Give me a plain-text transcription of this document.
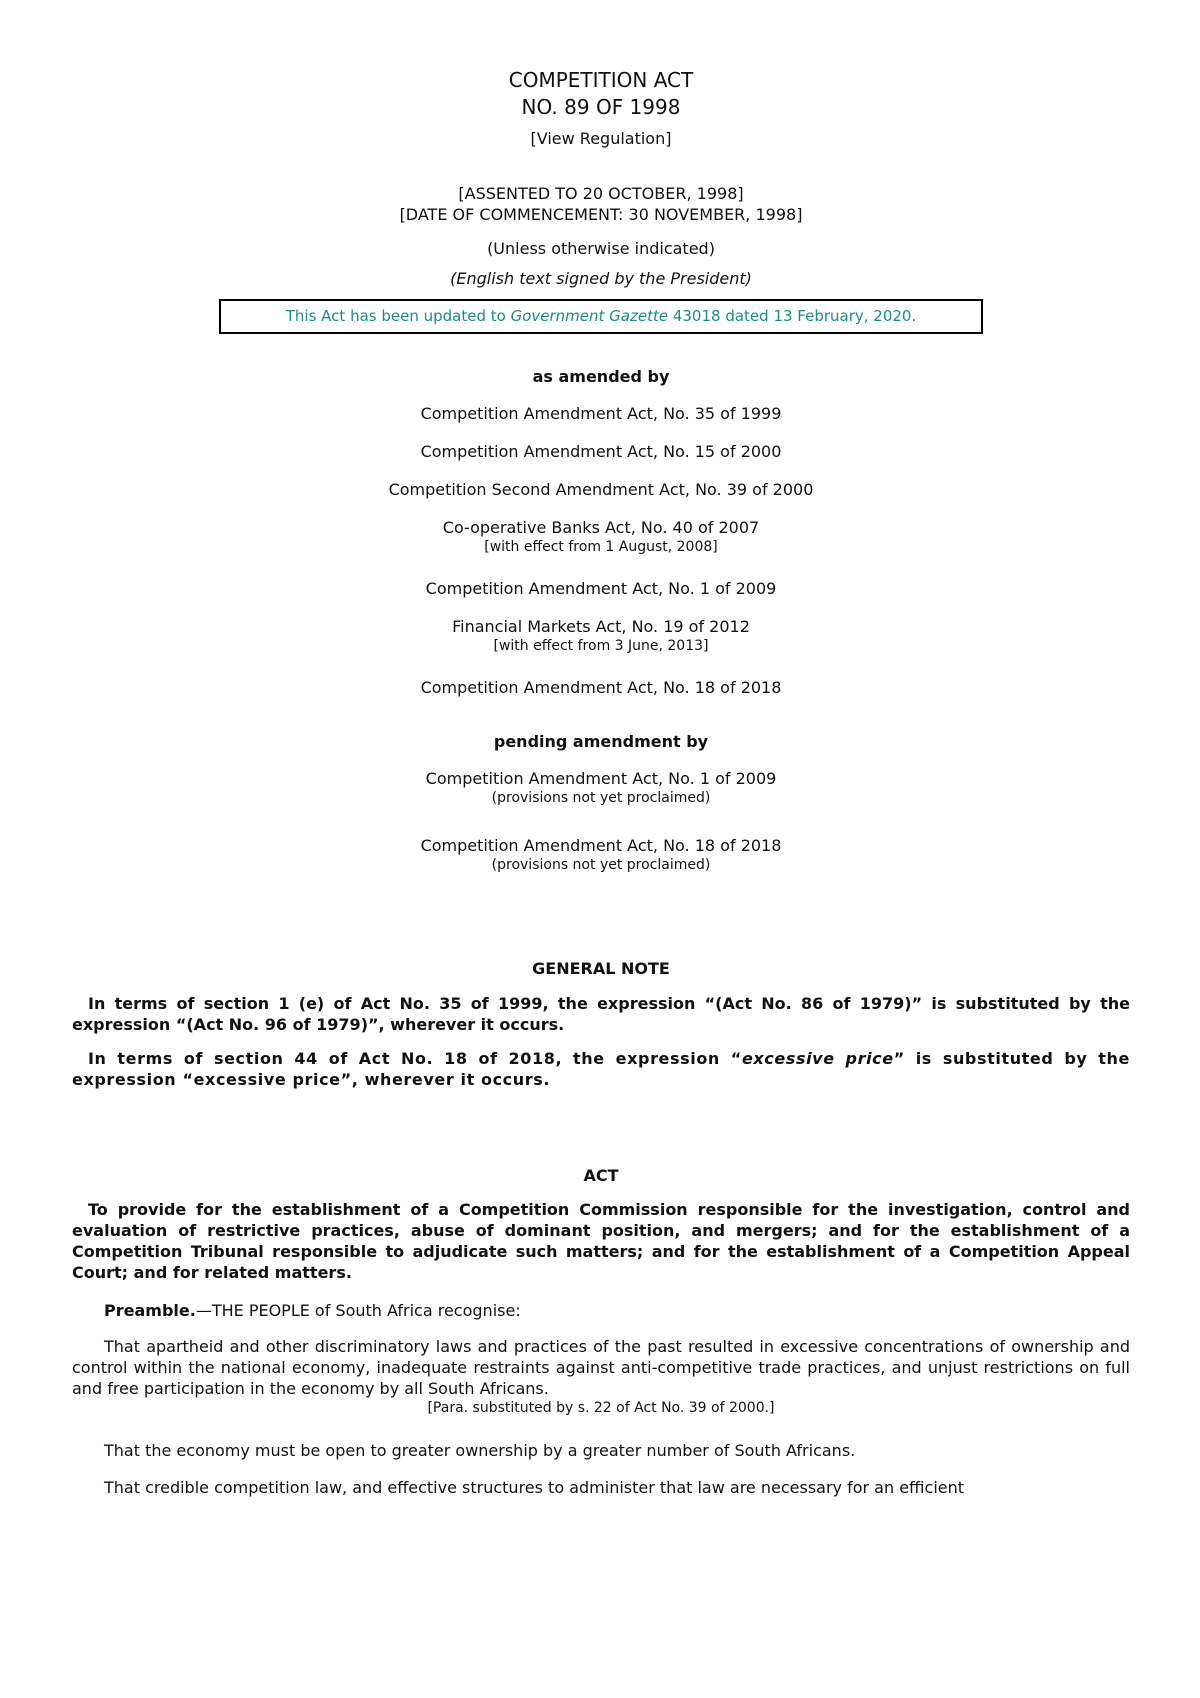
COMPETITION ACT
NO. 89 OF 1998
[View Regulation]
[ASSENTED TO 20 OCTOBER, 1998]
[DATE OF COMMENCEMENT: 30 NOVEMBER, 1998]
(Unless otherwise indicated)
(English text signed by the President)
This Act has been updated to Government Gazette 43018 dated 13 February, 2020.
as amended by
Competition Amendment Act, No. 35 of 1999
Competition Amendment Act, No. 15 of 2000
Competition Second Amendment Act, No. 39 of 2000
Co-operative Banks Act, No. 40 of 2007
[with effect from 1 August, 2008]
Competition Amendment Act, No. 1 of 2009
Financial Markets Act, No. 19 of 2012
[with effect from 3 June, 2013]
Competition Amendment Act, No. 18 of 2018
pending amendment by
Competition Amendment Act, No. 1 of 2009
(provisions not yet proclaimed)
Competition Amendment Act, No. 18 of 2018
(provisions not yet proclaimed)
GENERAL NOTE
In terms of section 1 (e) of Act No. 35 of 1999, the expression “(Act No. 86 of 1979)” is substituted by the expression “(Act No. 96 of 1979)”, wherever it occurs.
In terms of section 44 of Act No. 18 of 2018, the expression “excessive price” is substituted by the expression “excessive price”, wherever it occurs.
ACT
To provide for the establishment of a Competition Commission responsible for the investigation, control and evaluation of restrictive practices, abuse of dominant position, and mergers; and for the establishment of a Competition Tribunal responsible to adjudicate such matters; and for the establishment of a Competition Appeal Court; and for related matters.
Preamble.—THE PEOPLE of South Africa recognise:
That apartheid and other discriminatory laws and practices of the past resulted in excessive concentrations of ownership and control within the national economy, inadequate restraints against anti-competitive trade practices, and unjust restrictions on full and free participation in the economy by all South Africans.
[Para. substituted by s. 22 of Act No. 39 of 2000.]
That the economy must be open to greater ownership by a greater number of South Africans.
That credible competition law, and effective structures to administer that law are necessary for an efficient
